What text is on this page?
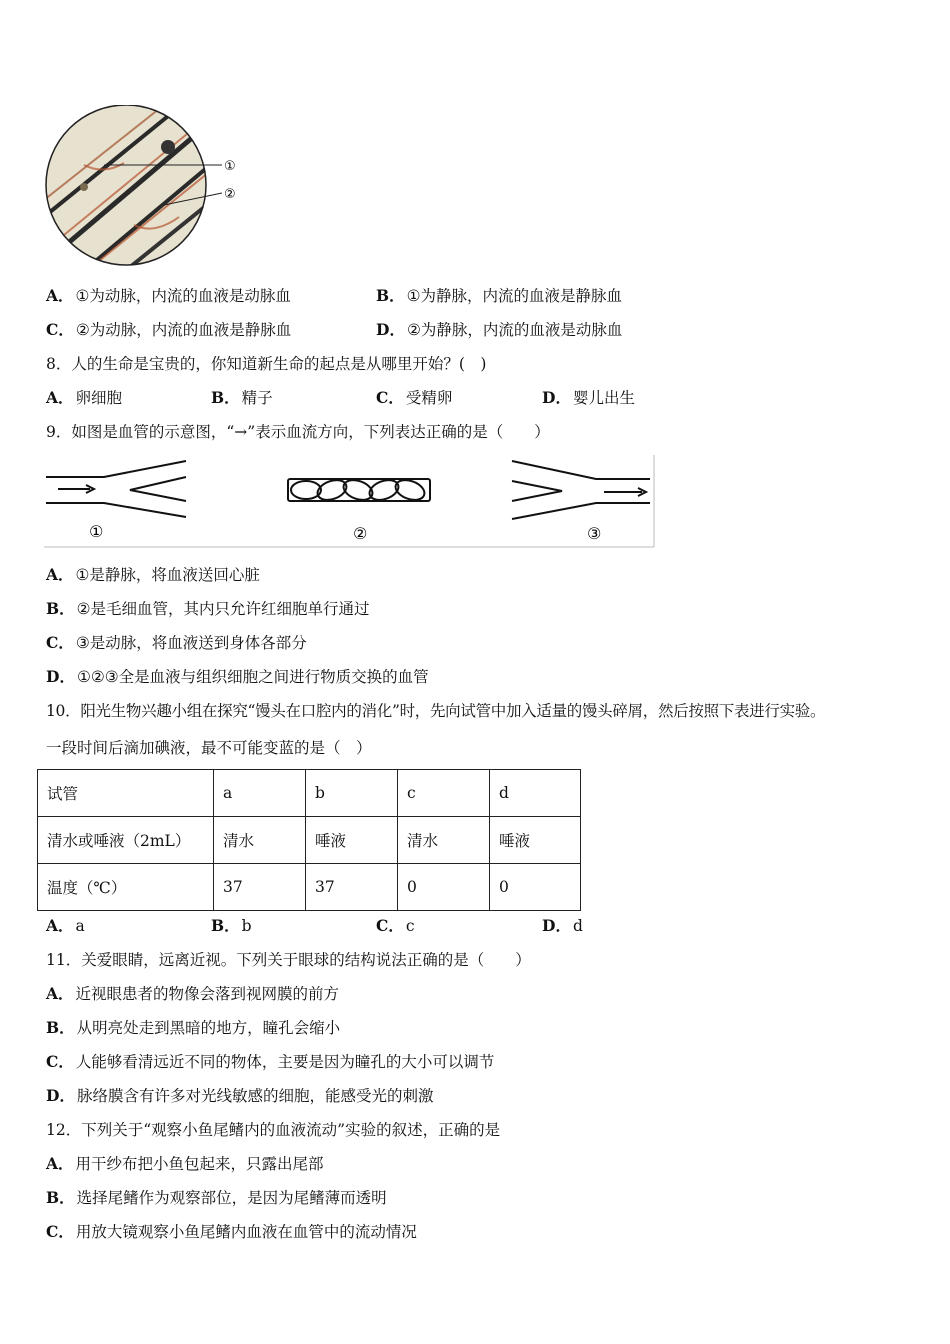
①
②
A． ①为动脉，内流的血液是动脉血	B． ①为静脉，内流的血液是静脉血
C． ②为动脉，内流的血液是静脉血	D． ②为静脉，内流的血液是动脉血
8．人的生命是宝贵的，你知道新生命的起点是从哪里开始？(　)
A． 卵细胞	B． 精子	C． 受精卵	D． 婴儿出生
9．如图是血管的示意图，“→”表示血流方向，下列表达正确的是（　　）
①	②	③
A． ①是静脉，将血液送回心脏
B． ②是毛细血管，其内只允许红细胞单行通过
C． ③是动脉，将血液送到身体各部分
D． ①②③全是血液与组织细胞之间进行物质交换的血管
10．阳光生物兴趣小组在探究“馒头在口腔内的消化”时，先向试管中加入适量的馒头碎屑，然后按照下表进行实验。
一段时间后滴加碘液，最不可能变蓝的是（　）
试管	a	b	c	d
清水或唾液（2mL）	清水	唾液	清水	唾液
温度（℃）	37	37	0	0
A． a	B． b	C． c	D． d
11．关爱眼睛，远离近视。下列关于眼球的结构说法正确的是（　　）
A． 近视眼患者的物像会落到视网膜的前方
B． 从明亮处走到黑暗的地方，瞳孔会缩小
C． 人能够看清远近不同的物体，主要是因为瞳孔的大小可以调节
D． 脉络膜含有许多对光线敏感的细胞，能感受光的刺激
12．下列关于“观察小鱼尾鳍内的血液流动”实验的叙述，正确的是
A． 用干纱布把小鱼包起来，只露出尾部
B． 选择尾鳍作为观察部位，是因为尾鳍薄而透明
C． 用放大镜观察小鱼尾鳍内血液在血管中的流动情况
